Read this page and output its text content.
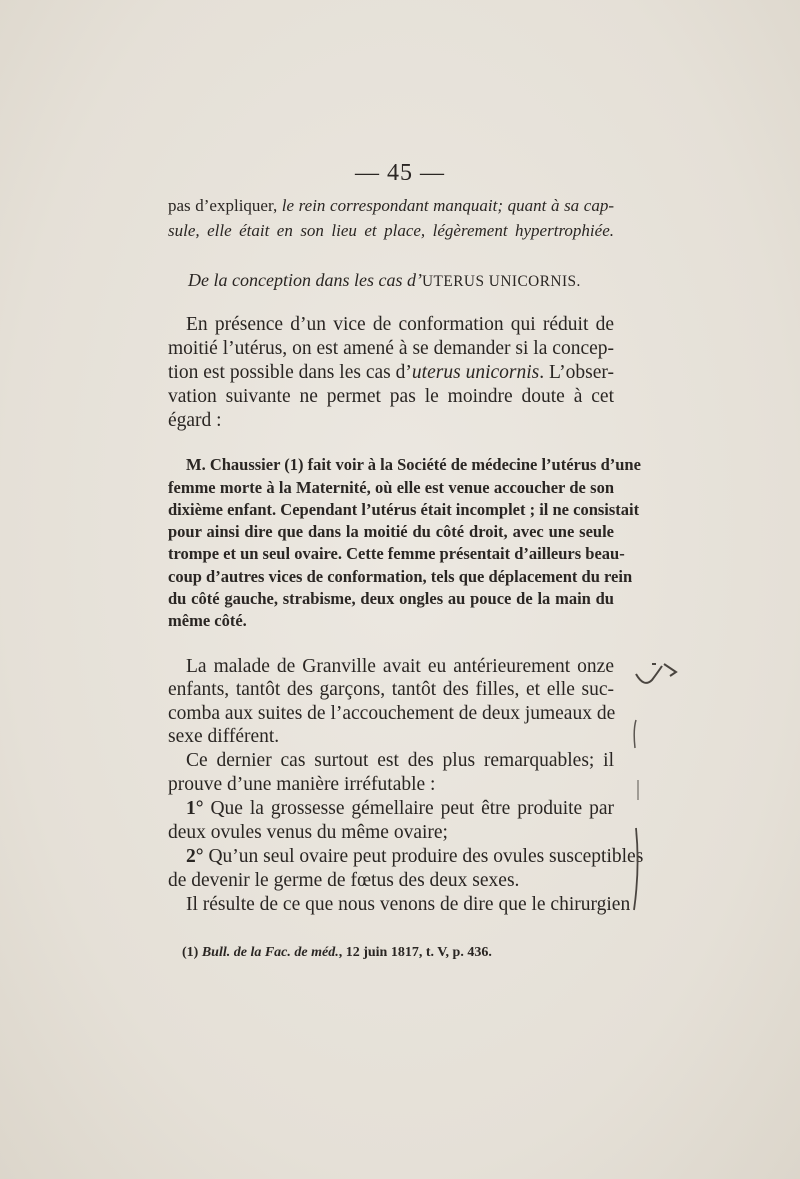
— 45 —
pas d’expliquer, le rein correspondant manquait; quant à sa cap-
sule, elle était en son lieu et place, légèrement hypertrophiée.
De la conception dans les cas d’UTERUS UNICORNIS.
En présence d’un vice de conformation qui réduit de
moitié l’utérus, on est amené à se demander si la concep-
tion est possible dans les cas d’uterus unicornis. L’obser-
vation suivante ne permet pas le moindre doute à cet
égard :
M. Chaussier (1) fait voir à la Société de médecine l’utérus d’une
femme morte à la Maternité, où elle est venue accoucher de son
dixième enfant. Cependant l’utérus était incomplet ; il ne consistait
pour ainsi dire que dans la moitié du côté droit, avec une seule
trompe et un seul ovaire. Cette femme présentait d’ailleurs beau-
coup d’autres vices de conformation, tels que déplacement du rein
du côté gauche, strabisme, deux ongles au pouce de la main du
même côté.
La malade de Granville avait eu antérieurement onze
enfants, tantôt des garçons, tantôt des filles, et elle suc-
comba aux suites de l’accouchement de deux jumeaux de
sexe différent.
Ce dernier cas surtout est des plus remarquables; il
prouve d’une manière irréfutable :
1° Que la grossesse gémellaire peut être produite par
deux ovules venus du même ovaire;
2° Qu’un seul ovaire peut produire des ovules susceptibles
de devenir le germe de fœtus des deux sexes.
Il résulte de ce que nous venons de dire que le chirurgien
(1) Bull. de la Fac. de méd., 12 juin 1817, t. V, p. 436.
